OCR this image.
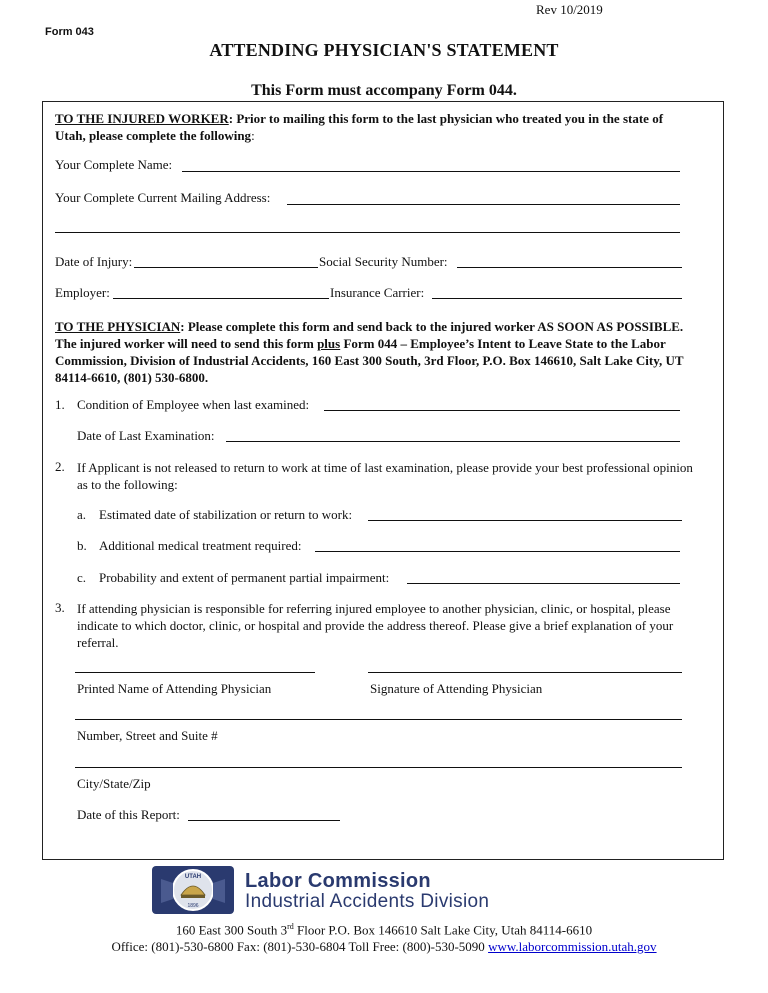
Rev 10/2019
Form 043
ATTENDING PHYSICIAN'S STATEMENT
This Form must accompany Form 044.
TO THE INJURED WORKER: Prior to mailing this form to the last physician who treated you in the state of Utah, please complete the following:
Your Complete Name:
Your Complete Current Mailing Address:
Date of Injury:	Social Security Number:
Employer:	Insurance Carrier:
TO THE PHYSICIAN: Please complete this form and send back to the injured worker AS SOON AS POSSIBLE. The injured worker will need to send this form plus Form 044 – Employee’s Intent to Leave State to the Labor Commission, Division of Industrial Accidents, 160 East 300 South, 3rd Floor, P.O. Box 146610, Salt Lake City, UT 84114-6610, (801) 530-6800.
1. Condition of Employee when last examined:
Date of Last Examination:
2. If Applicant is not released to return to work at time of last examination, please provide your best professional opinion as to the following:
a. Estimated date of stabilization or return to work:
b. Additional medical treatment required:
c. Probability and extent of permanent partial impairment:
3. If attending physician is responsible for referring injured employee to another physician, clinic, or hospital, please indicate to which doctor, clinic, or hospital and provide the address thereof. Please give a brief explanation of your referral.
Printed Name of Attending Physician	Signature of Attending Physician
Number, Street and Suite #
City/State/Zip
Date of this Report:
UTAH
1896
Labor Commission
Industrial Accidents Division
160 East 300 South 3rd Floor P.O. Box 146610 Salt Lake City, Utah 84114-6610
Office: (801)-530-6800 Fax: (801)-530-6804 Toll Free: (800)-530-5090 www.laborcommission.utah.gov
